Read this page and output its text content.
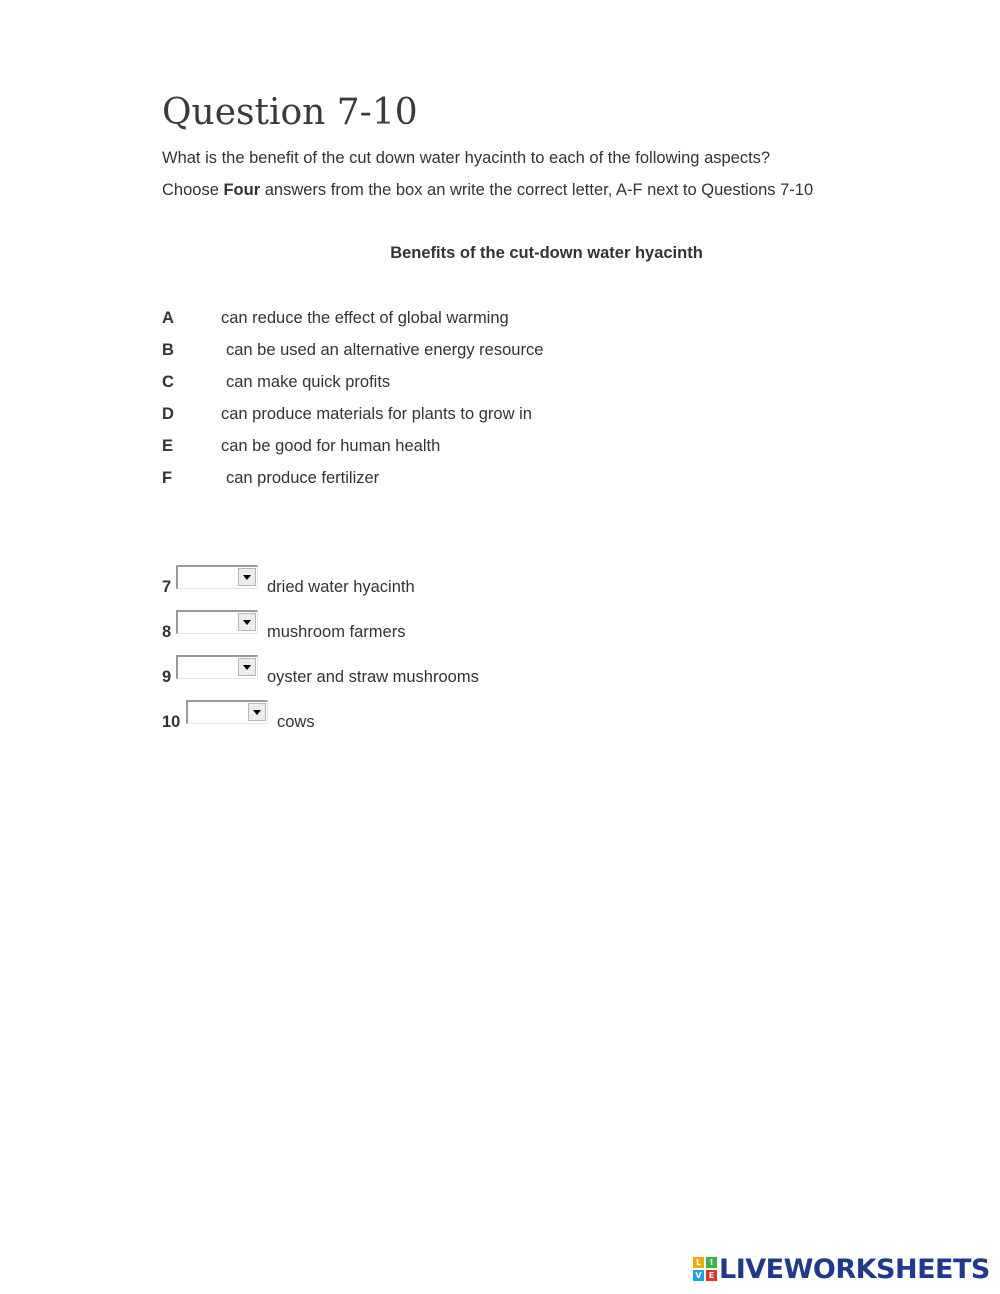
Question 7-10
What is the benefit of the cut down water hyacinth to each of the following aspects?
Choose Four answers from the box an write the correct letter, A-F next to Questions 7-10
Benefits of the cut-down water hyacinth
A	can reduce the effect of global warming
B	can be used an alternative energy resource
C	can make quick profits
D	can produce materials for plants to grow in
E	can be good for human health
F	can produce fertilizer
7	dried water hyacinth
8	mushroom farmers
9	oyster and straw mushrooms
10	cows
L	I
V E LIVEWORKSHEETS
